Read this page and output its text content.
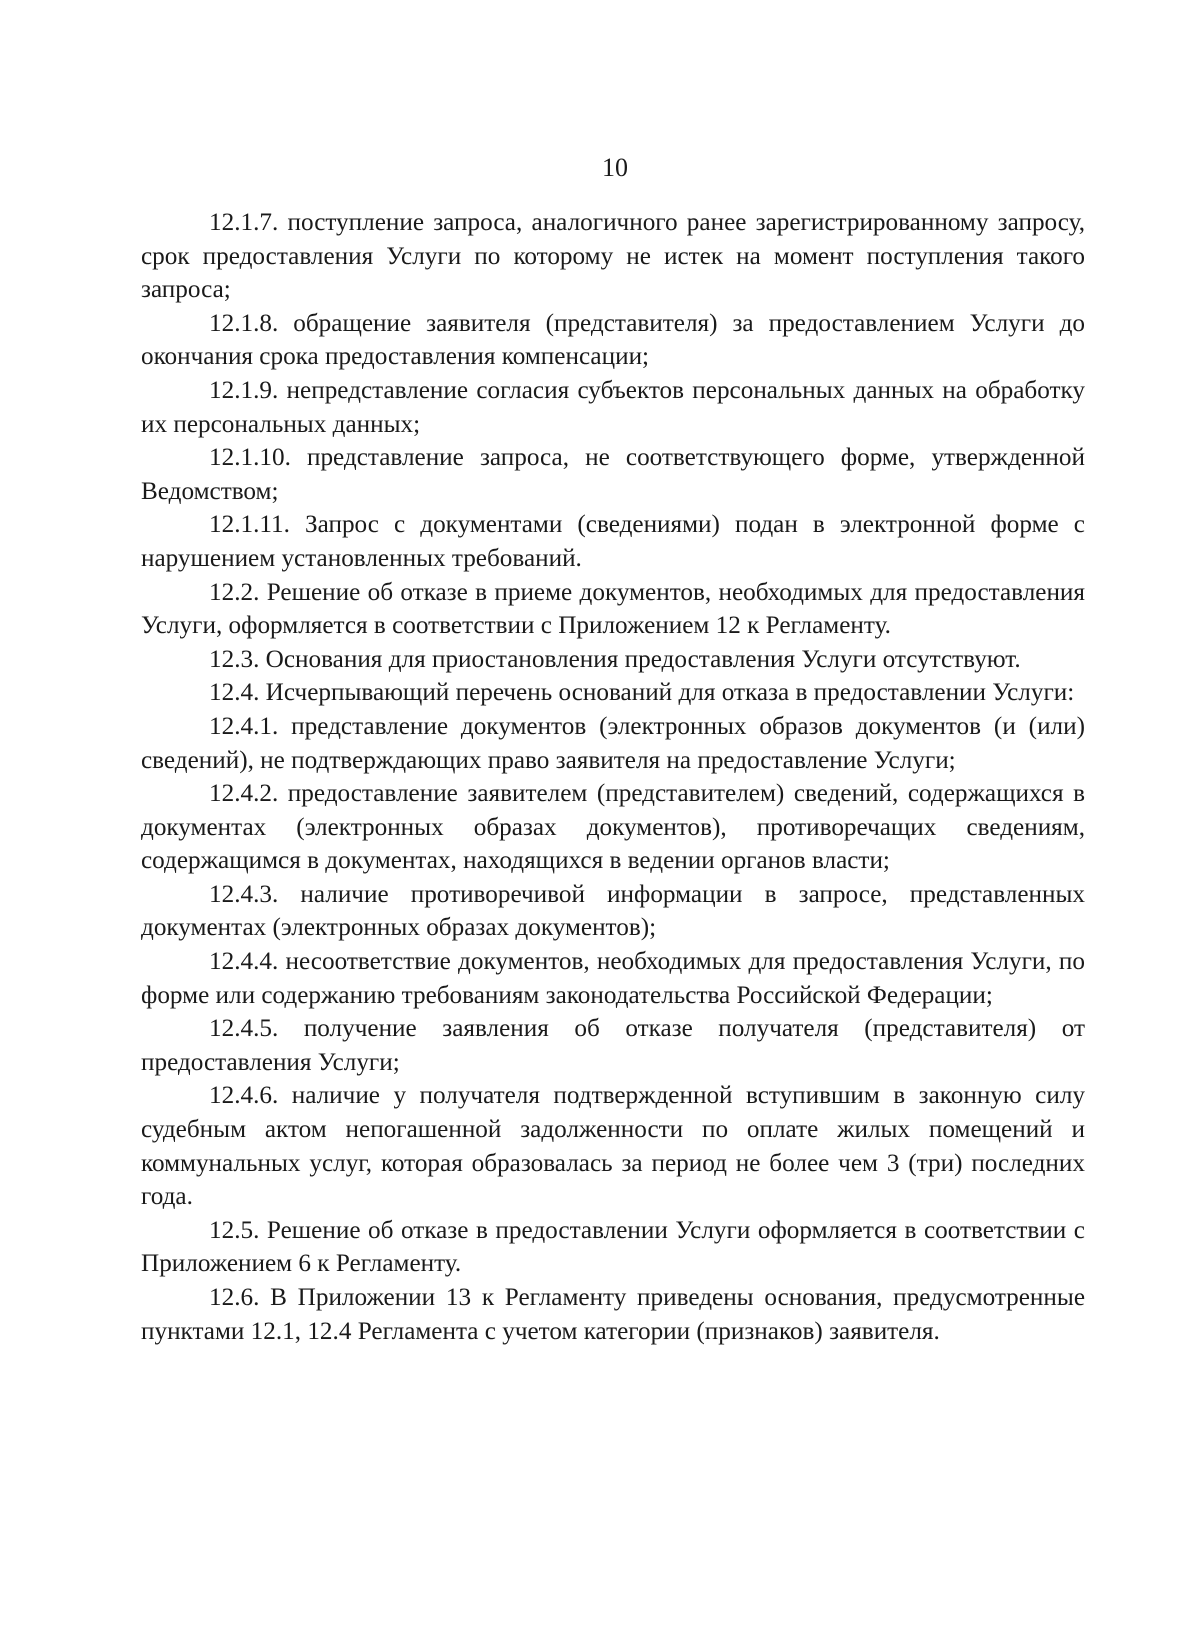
10

12.1.7. поступление запроса, аналогичного ранее зарегистрированному запросу, срок предоставления Услуги по которому не истек на момент поступления такого запроса;

12.1.8. обращение заявителя (представителя) за предоставлением Услуги до окончания срока предоставления компенсации;

12.1.9. непредставление согласия субъектов персональных данных на обработку их персональных данных;

12.1.10. представление запроса, не соответствующего форме, утвержденной Ведомством;

12.1.11. Запрос с документами (сведениями) подан в электронной форме с нарушением установленных требований.

12.2. Решение об отказе в приеме документов, необходимых для предоставления Услуги, оформляется в соответствии с Приложением 12 к Регламенту.

12.3. Основания для приостановления предоставления Услуги отсутствуют.

12.4. Исчерпывающий перечень оснований для отказа в предоставлении Услуги:

12.4.1. представление документов (электронных образов документов (и (или) сведений), не подтверждающих право заявителя на предоставление Услуги;

12.4.2. предоставление заявителем (представителем) сведений, содержащихся в документах (электронных образах документов), противоречащих сведениям, содержащимся в документах, находящихся в ведении органов власти;

12.4.3. наличие противоречивой информации в запросе, представленных документах (электронных образах документов);

12.4.4. несоответствие документов, необходимых для предоставления Услуги, по форме или содержанию требованиям законодательства Российской Федерации;

12.4.5. получение заявления об отказе получателя (представителя) от предоставления Услуги;

12.4.6. наличие у получателя подтвержденной вступившим в законную силу судебным актом непогашенной задолженности по оплате жилых помещений и коммунальных услуг, которая образовалась за период не более чем 3 (три) последних года.

12.5. Решение об отказе в предоставлении Услуги оформляется в соответствии с Приложением 6 к Регламенту.

12.6. В Приложении 13 к Регламенту приведены основания, предусмотренные пунктами 12.1, 12.4 Регламента с учетом категории (признаков) заявителя.
